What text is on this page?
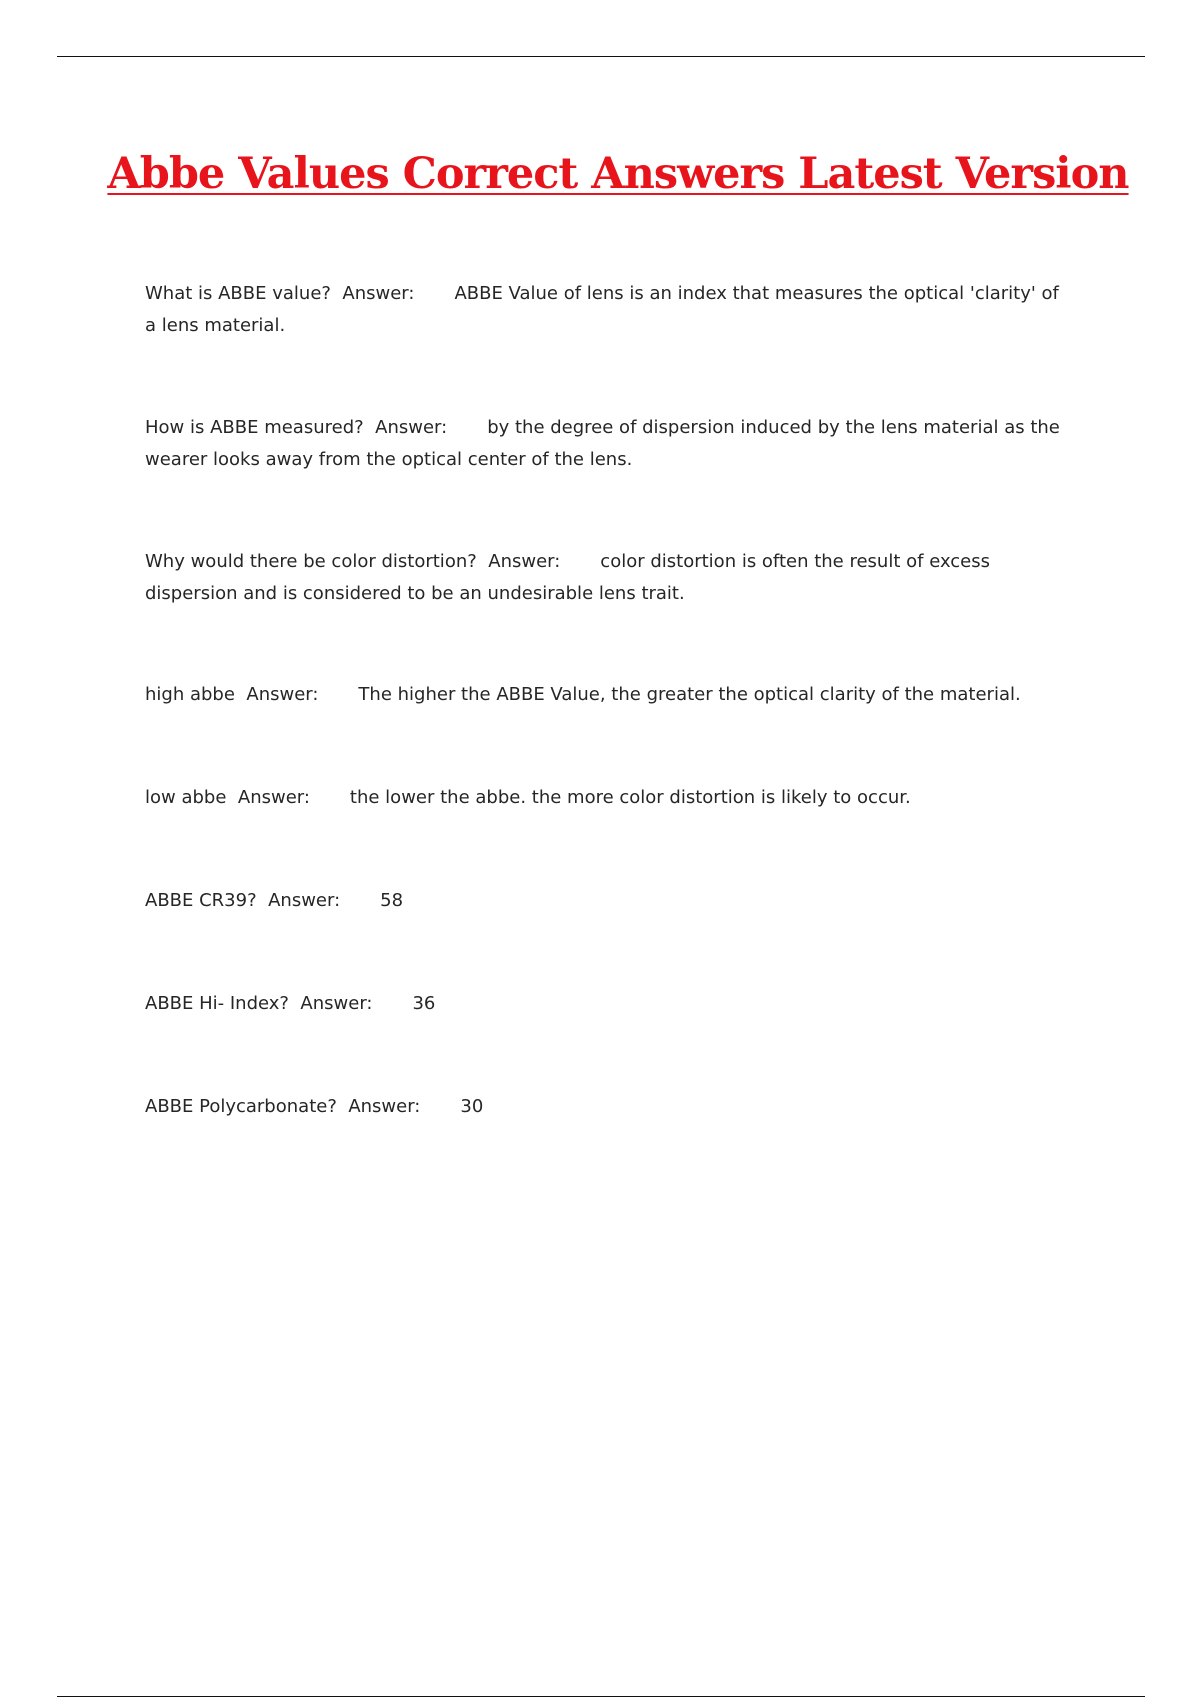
Abbe Values Correct Answers Latest Version
What is ABBE value? Answer: ABBE Value of lens is an index that measures the optical 'clarity' of a lens material.
How is ABBE measured? Answer: by the degree of dispersion induced by the lens material as the wearer looks away from the optical center of the lens.
Why would there be color distortion? Answer: color distortion is often the result of excess dispersion and is considered to be an undesirable lens trait.
high abbe Answer: The higher the ABBE Value, the greater the optical clarity of the material.
low abbe Answer: the lower the abbe. the more color distortion is likely to occur.
ABBE CR39? Answer: 58
ABBE Hi- Index? Answer: 36
ABBE Polycarbonate? Answer: 30
